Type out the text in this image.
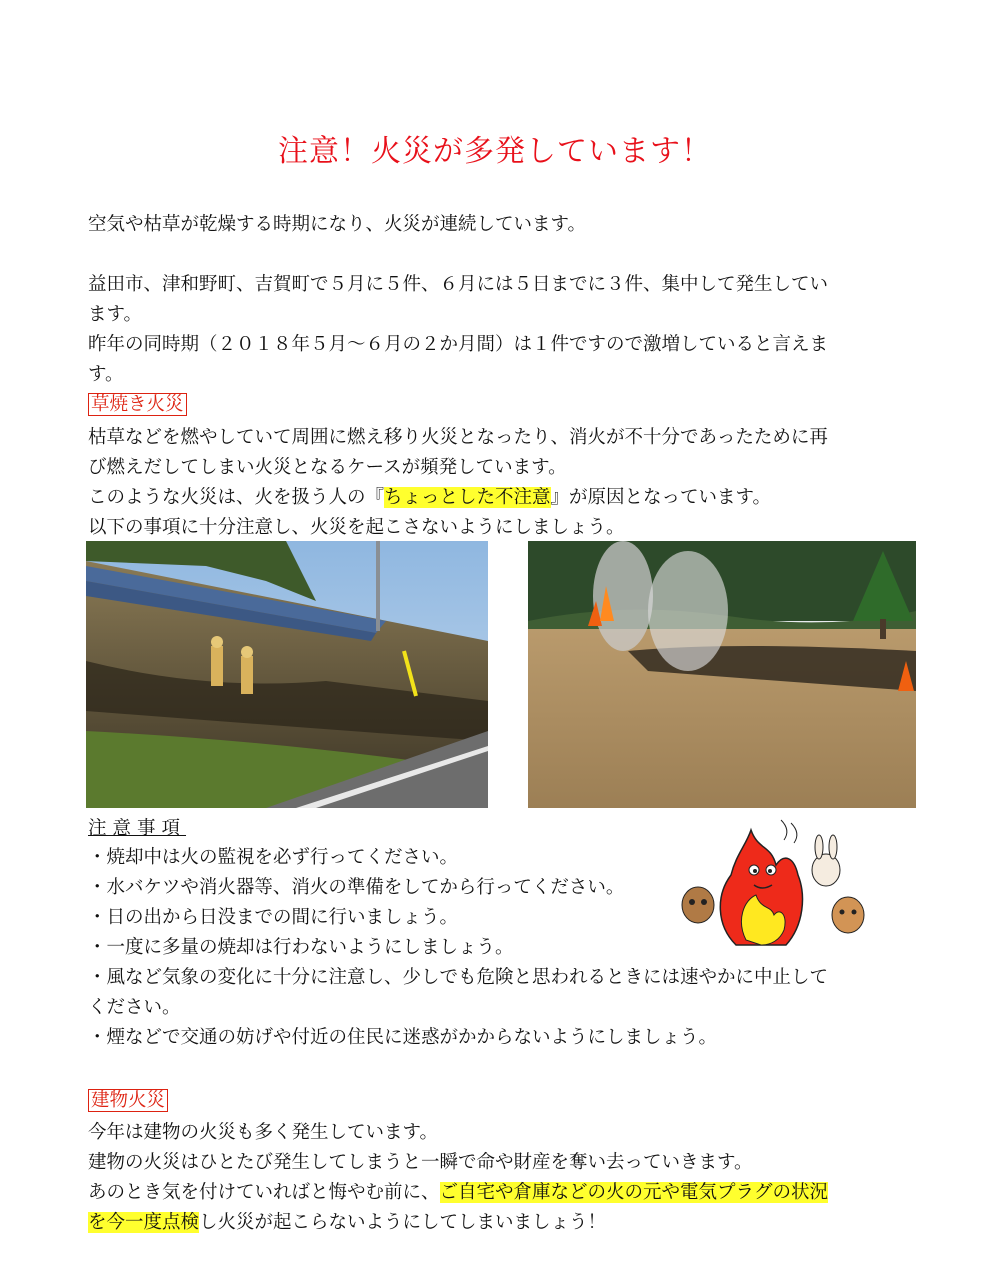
注意！火災が多発しています！
空気や枯草が乾燥する時期になり、火災が連続しています。
益田市、津和野町、吉賀町で５月に５件、６月には５日までに３件、集中して発生してい
ます。
昨年の同時期（２０１８年５月～６月の２か月間）は１件ですので激増していると言えま
す。
草焼き火災
枯草などを燃やしていて周囲に燃え移り火災となったり、消火が不十分であったために再
び燃えだしてしまい火災となるケースが頻発しています。
このような火災は、火を扱う人の『ちょっとした不注意』が原因となっています。
以下の事項に十分注意し、火災を起こさないようにしましょう。
注意事項
・焼却中は火の監視を必ず行ってください。
・水バケツや消火器等、消火の準備をしてから行ってください。
・日の出から日没までの間に行いましょう。
・一度に多量の焼却は行わないようにしましょう。
・風など気象の変化に十分に注意し、少しでも危険と思われるときには速やかに中止して
ください。
・煙などで交通の妨げや付近の住民に迷惑がかからないようにしましょう。
建物火災
今年は建物の火災も多く発生しています。
建物の火災はひとたび発生してしまうと一瞬で命や財産を奪い去っていきます。
あのとき気を付けていればと悔やむ前に、ご自宅や倉庫などの火の元や電気プラグの状況
を今一度点検し火災が起こらないようにしてしまいましょう！
